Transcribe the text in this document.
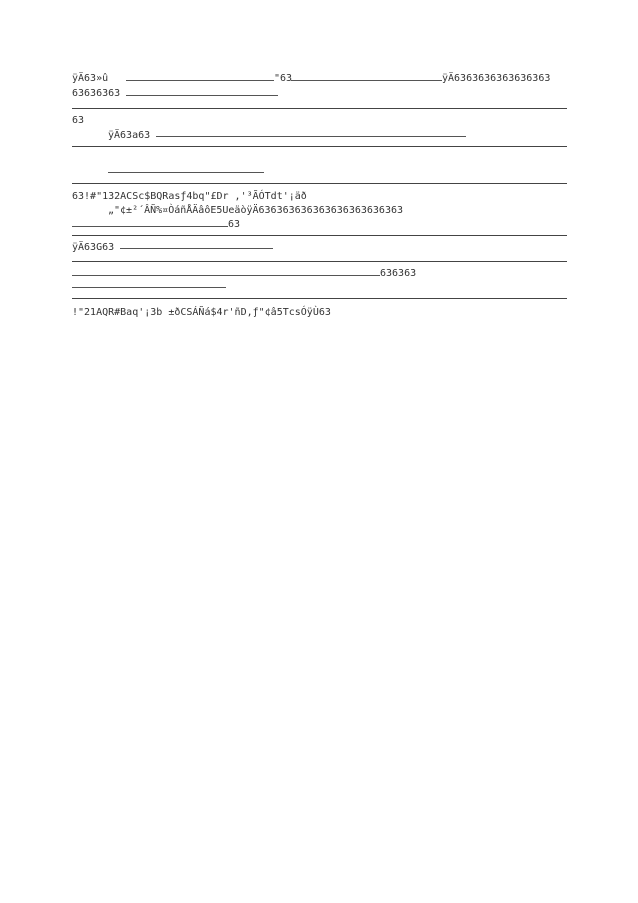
ÿÄ63»û	"63	ÿÄ6363636363636363
63636363
63
ÿÄ63a63
63!#"132ACSc$BQRasƒ4bq"£Dr ,'³ÃÓTdt'¡äð
„"¢±²´ÂÑ%¤ÒáñÅÄâôE5UeäòÿÄ636363636363636363636363
63
ÿÄ63G63
636363
!"21AQR#Baq'¡3b ±ðCSÁÑá$4r'ñD,ƒ"¢â5TcsÓÿÙ63
